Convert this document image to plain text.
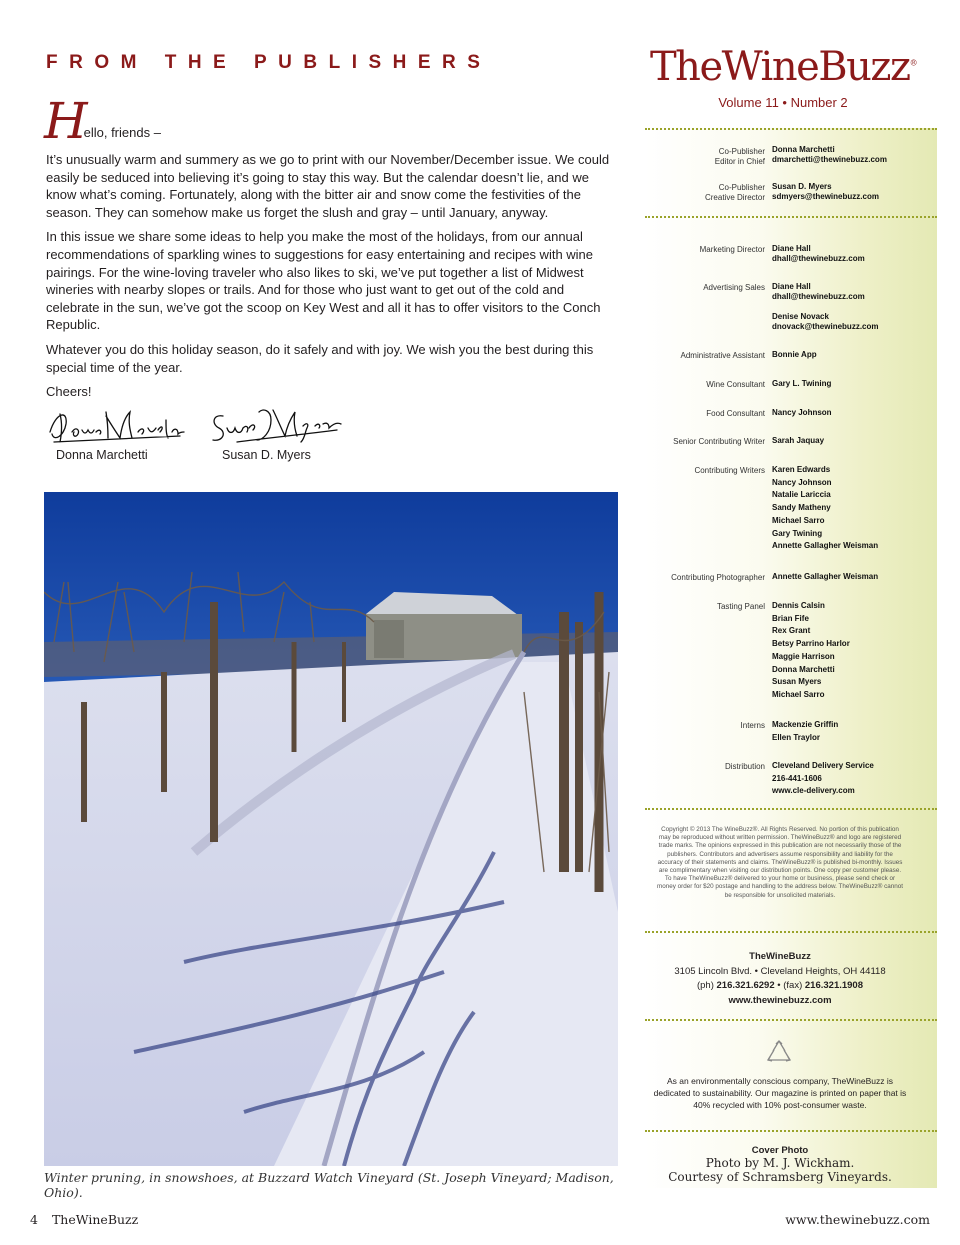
FROM THE PUBLISHERS
Hello, friends –

It’s unusually warm and summery as we go to print with our November/December issue. We could easily be seduced into believing it’s going to stay this way. But the calendar doesn’t lie, and we know what’s coming. Fortunately, along with the bitter air and snow come the festivities of the season. They can somehow make us forget the slush and gray – until January, anyway.

In this issue we share some ideas to help you make the most of the holidays, from our annual recommendations of sparkling wines to suggestions for easy entertaining and recipes with wine pairings. For the wine-loving traveler who also likes to ski, we’ve put together a list of Midwest wineries with nearby slopes or trails. And for those who just want to get out of the cold and celebrate in the sun, we’ve got the scoop on Key West and all it has to offer visitors to the Conch Republic.

Whatever you do this holiday season, do it safely and with joy. We wish you the best during this special time of the year.

Cheers!

Donna Marchetti	Susan D. Myers
Winter pruning, in snowshoes, at Buzzard Watch Vineyard (St. Joseph Vineyard; Madison, Ohio).
TheWineBuzz®
Volume 11 • Number 2
Co-Publisher
Editor in Chief
Donna Marchetti
dmarchetti@thewinebuzz.com
Co-Publisher
Creative Director
Susan D. Myers
sdmyers@thewinebuzz.com
Marketing Director Diane Hall
dhall@thewinebuzz.com
Advertising Sales Diane Hall
dhall@thewinebuzz.com
Denise Novack
dnovack@thewinebuzz.com
Administrative Assistant Bonnie App
Wine Consultant Gary L. Twining
Food Consultant Nancy Johnson
Senior Contributing Writer Sarah Jaquay
Contributing Writers Karen Edwards
Nancy Johnson
Natalie Lariccia
Sandy Matheny
Michael Sarro
Gary Twining
Annette Gallagher Weisman
Contributing Photographer Annette Gallagher Weisman
Tasting Panel Dennis Calsin
Brian Fife
Rex Grant
Betsy Parrino Harlor
Maggie Harrison
Donna Marchetti
Susan Myers
Michael Sarro
Interns Mackenzie Griffin
Ellen Traylor
Distribution Cleveland Delivery Service
216-441-1606
www.cle-delivery.com
Copyright © 2013 The WineBuzz®. All Rights Reserved. No portion of this publication may be reproduced without written permission. TheWineBuzz® and logo are registered trade marks. The opinions expressed in this publication are not necessarily those of the publishers. Contributors and advertisers assume responsibility and liability for the accuracy of their statements and claims. TheWineBuzz® is published bi-monthly. Issues are complimentary when visiting our distribution points. One copy per customer please. To have TheWineBuzz® delivered to your home or business, please send check or money order for $20 postage and handling to the address below. TheWineBuzz® cannot be responsible for unsolicited materials.
TheWineBuzz
3105 Lincoln Blvd. • Cleveland Heights, OH 44118
(ph) 216.321.6292 • (fax) 216.321.1908
www.thewinebuzz.com
As an environmentally conscious company, TheWineBuzz is dedicated to sustainability. Our magazine is printed on paper that is 40% recycled with 10% post-consumer waste.
Cover Photo
Photo by M. J. Wickham.
Courtesy of Schramsberg Vineyards.
4 TheWineBuzz	www.thewinebuzz.com
